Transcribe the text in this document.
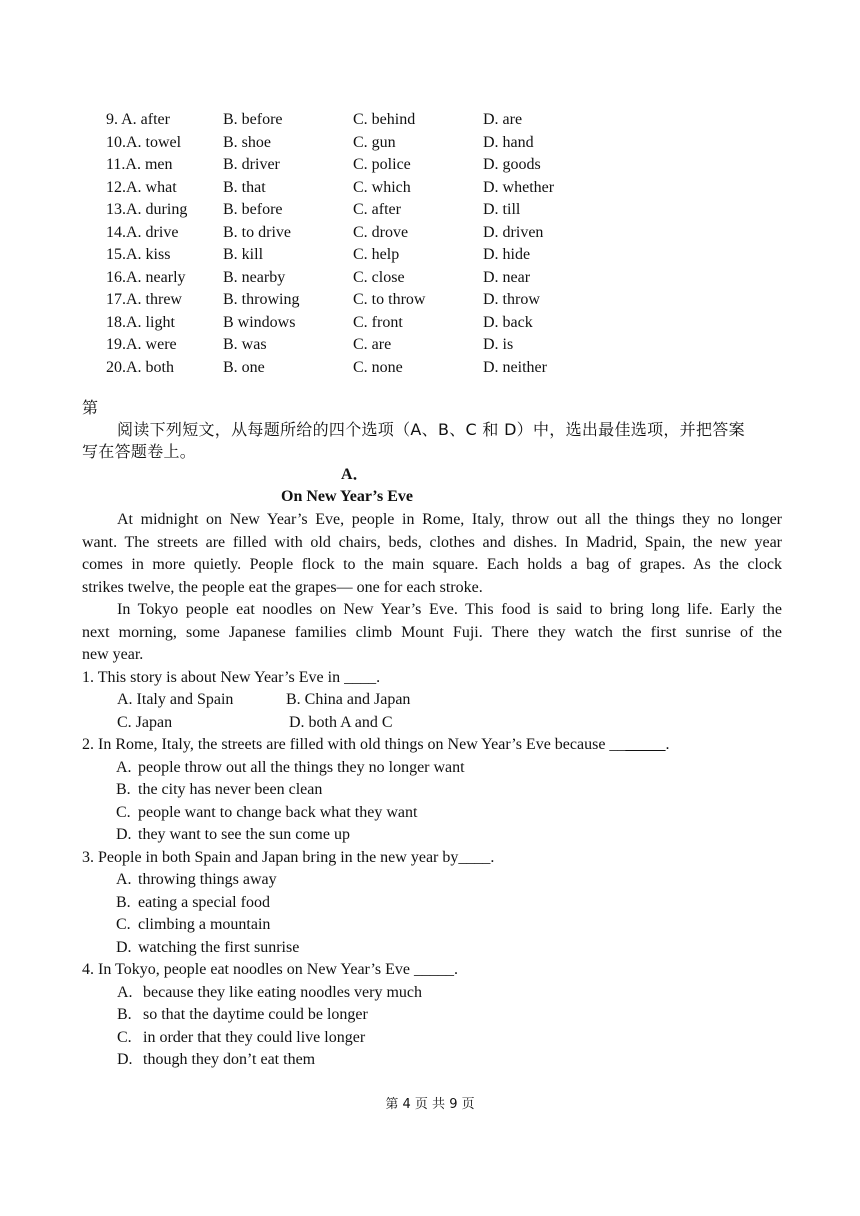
9. A. after	B. before	C. behind	D. are
10.A. towel	B. shoe	C. gun	D. hand
11.A. men	B. driver	C. police	D. goods
12.A. what	B. that	C. which	D. whether
13.A. during B. before	C. after	D. till
14.A. drive	B. to drive	C. drove	D. driven
15.A. kiss	B. kill	C. help	D. hide
16.A. nearly B. nearby	C. close	D. near
17.A. threw	B. throwing	C. to throw	D. throw
18.A. light	B windows	C. front	D. back
19.A. were	B. was	C. are	D. is
20.A. both	B. one	C. none	D. neither
第
阅读下列短文，从每题所给的四个选项（A、B、C 和 D）中，选出最佳选项，并把答案
写在答题卷上。
A．
On New Year’s Eve
At midnight on New Year’s Eve, people in Rome, Italy, throw out all the things they no longer
want. The streets are filled with old chairs, beds, clothes and dishes. In Madrid, Spain, the new year
comes in more quietly. People flock to the main square. Each holds a bag of grapes. As the clock
strikes twelve, the people eat the grapes— one for each stroke.
In Tokyo people eat noodles on New Year’s Eve. This food is said to bring long life. Early the
next morning, some Japanese families climb Mount Fuji. There they watch the first sunrise of the
new year.
1. This story is about New Year’s Eve in ____.
A. Italy and Spain	B. China and Japan
C. Japan	D. both A and C
2. In Rome, Italy, the streets are filled with old things on New Year’s Eve because _______.
A. people throw out all the things they no longer want
B. the city has never been clean
C. people want to change back what they want
D. they want to see the sun come up
3. People in both Spain and Japan bring in the new year by____.
A. throwing things away
B. eating a special food
C. climbing a mountain
D. watching the first sunrise
4. In Tokyo, people eat noodles on New Year’s Eve _____.
A. because they like eating noodles very much
B. so that the daytime could be longer
C. in order that they could live longer
D. though they don’t eat them
第 4 页 共 9 页
